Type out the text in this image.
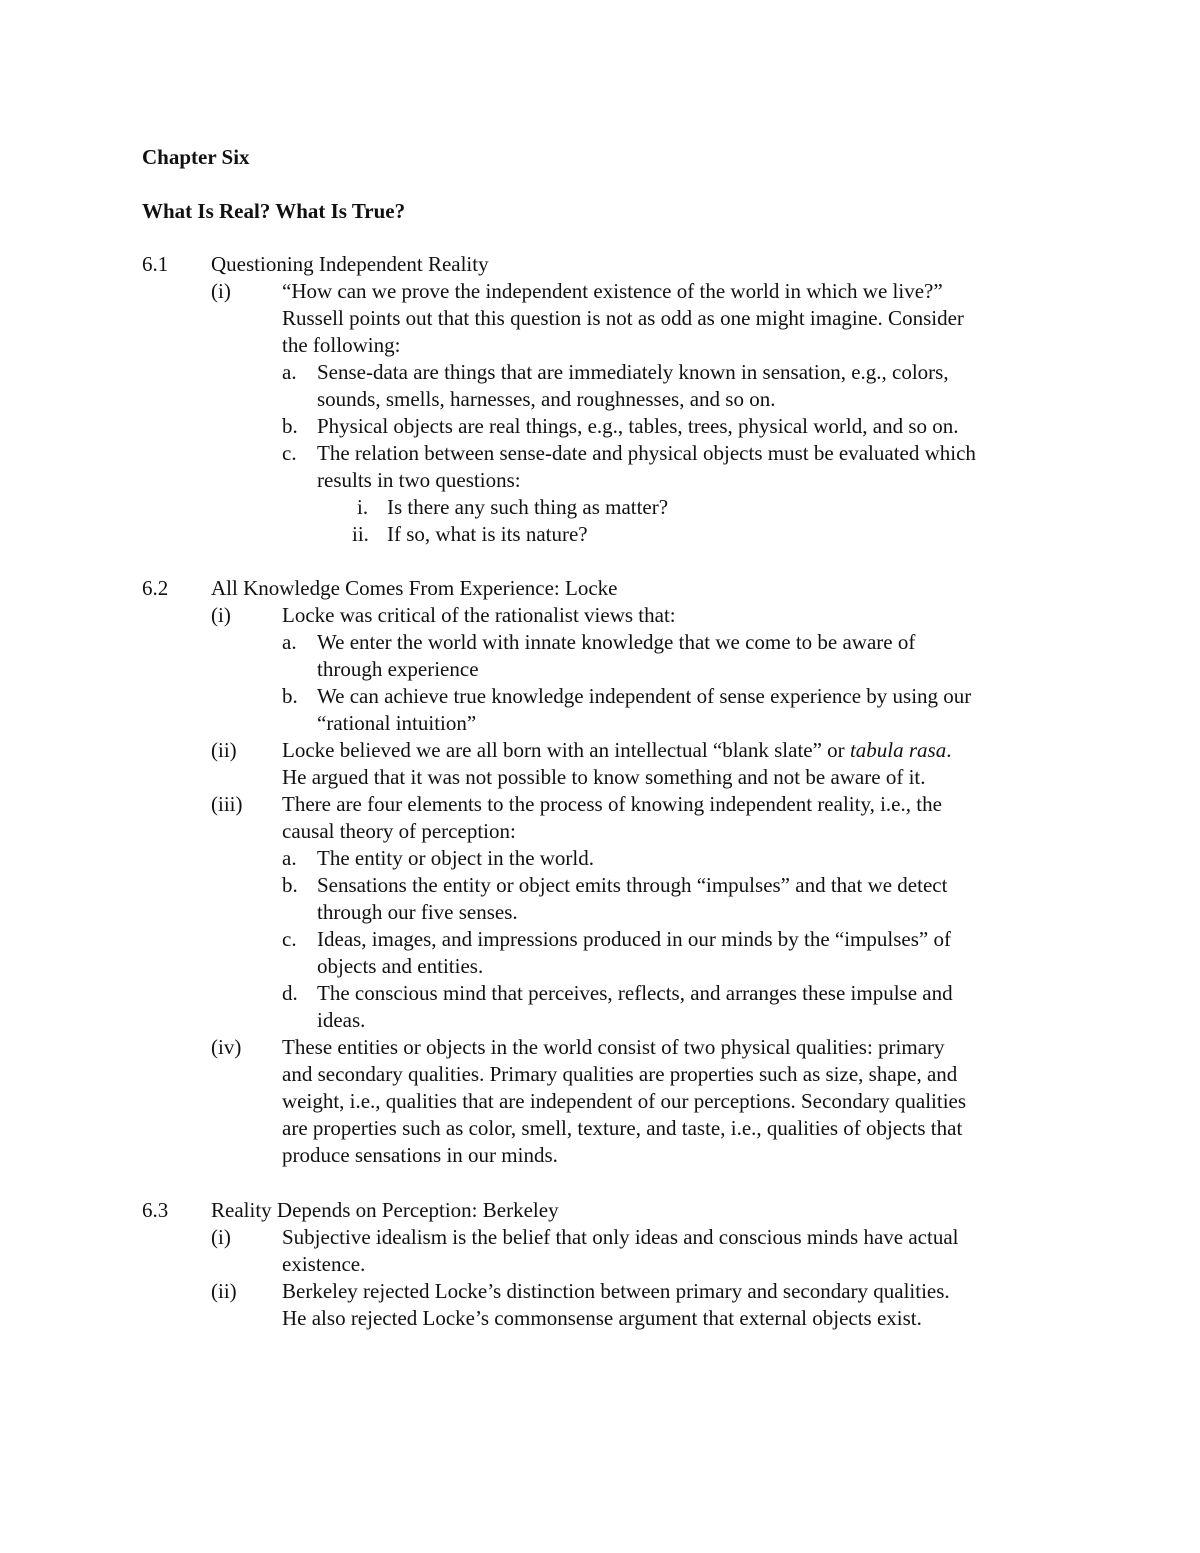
Chapter Six
What Is Real? What Is True?
6.1 Questioning Independent Reality
(i) “How can we prove the independent existence of the world in which we live?”
Russell points out that this question is not as odd as one might imagine. Consider
the following:
a. Sense-data are things that are immediately known in sensation, e.g., colors,
sounds, smells, harnesses, and roughnesses, and so on.
b. Physical objects are real things, e.g., tables, trees, physical world, and so on.
c. The relation between sense-date and physical objects must be evaluated which
results in two questions:
i. Is there any such thing as matter?
ii. If so, what is its nature?
6.2 All Knowledge Comes From Experience: Locke
(i) Locke was critical of the rationalist views that:
a. We enter the world with innate knowledge that we come to be aware of
through experience
b. We can achieve true knowledge independent of sense experience by using our
“rational intuition”
(ii) Locke believed we are all born with an intellectual “blank slate” or tabula rasa.
He argued that it was not possible to know something and not be aware of it.
(iii) There are four elements to the process of knowing independent reality, i.e., the
causal theory of perception:
a. The entity or object in the world.
b. Sensations the entity or object emits through “impulses” and that we detect
through our five senses.
c. Ideas, images, and impressions produced in our minds by the “impulses” of
objects and entities.
d. The conscious mind that perceives, reflects, and arranges these impulse and
ideas.
(iv) These entities or objects in the world consist of two physical qualities: primary
and secondary qualities. Primary qualities are properties such as size, shape, and
weight, i.e., qualities that are independent of our perceptions. Secondary qualities
are properties such as color, smell, texture, and taste, i.e., qualities of objects that
produce sensations in our minds.
6.3 Reality Depends on Perception: Berkeley
(i) Subjective idealism is the belief that only ideas and conscious minds have actual
existence.
(ii) Berkeley rejected Locke’s distinction between primary and secondary qualities.
He also rejected Locke’s commonsense argument that external objects exist.
